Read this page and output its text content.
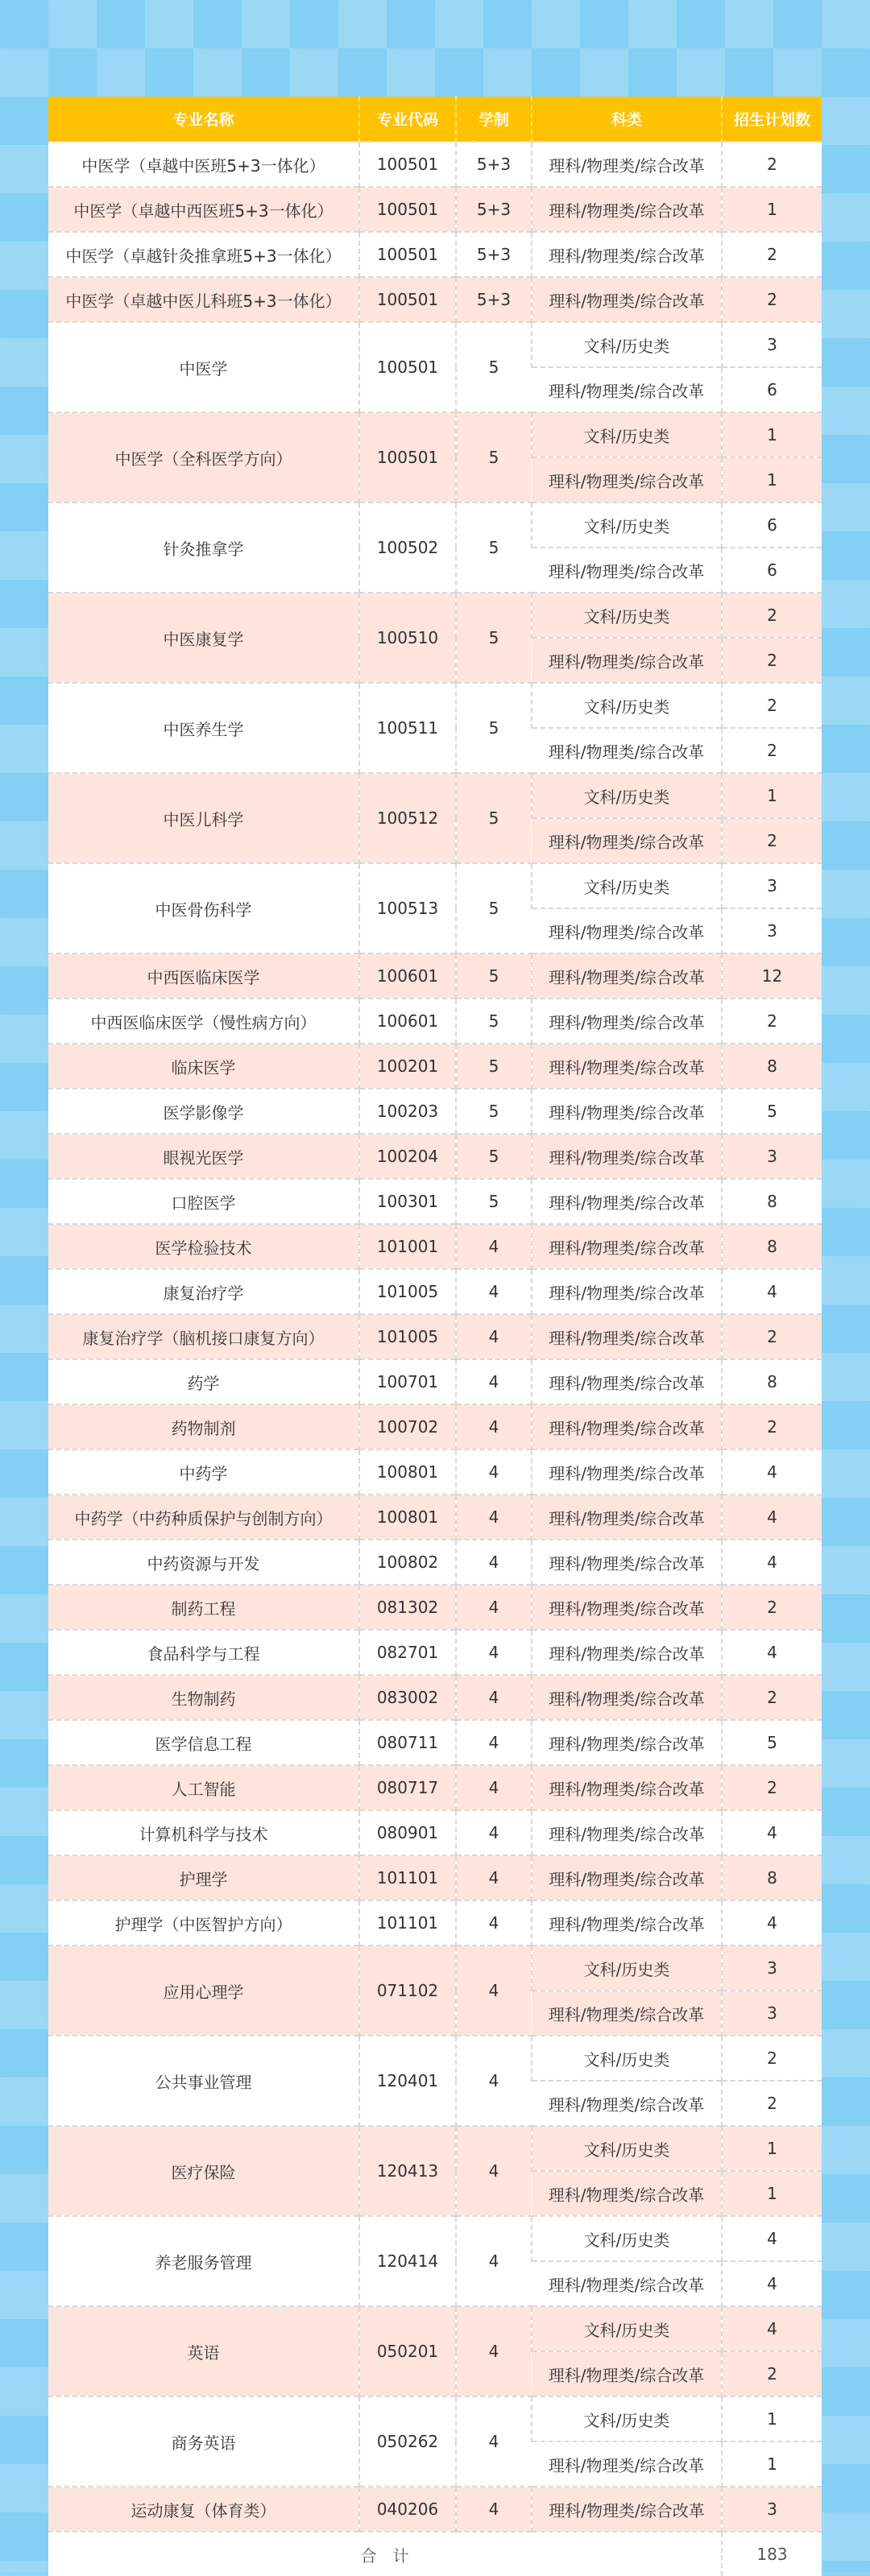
专业名称	专业代码	学制	科类	招生计划数
中医学（卓越中医班5+3一体化）	100501	5+3	理科/物理类/综合改革	2
中医学（卓越中西医班5+3一体化）	100501	5+3	理科/物理类/综合改革	1
中医学（卓越针灸推拿班5+3一体化）	100501	5+3	理科/物理类/综合改革	2
中医学（卓越中医儿科班5+3一体化）	100501	5+3	理科/物理类/综合改革	2
中医学	100501	5	文科/历史类	3
			理科/物理类/综合改革	6
中医学（全科医学方向）	100501	5	文科/历史类	1
			理科/物理类/综合改革	1
针灸推拿学	100502	5	文科/历史类	6
			理科/物理类/综合改革	6
中医康复学	100510	5	文科/历史类	2
			理科/物理类/综合改革	2
中医养生学	100511	5	文科/历史类	2
			理科/物理类/综合改革	2
中医儿科学	100512	5	文科/历史类	1
			理科/物理类/综合改革	2
中医骨伤科学	100513	5	文科/历史类	3
			理科/物理类/综合改革	3
中西医临床医学	100601	5	理科/物理类/综合改革	12
中西医临床医学（慢性病方向）	100601	5	理科/物理类/综合改革	2
临床医学	100201	5	理科/物理类/综合改革	8
医学影像学	100203	5	理科/物理类/综合改革	5
眼视光医学	100204	5	理科/物理类/综合改革	3
口腔医学	100301	5	理科/物理类/综合改革	8
医学检验技术	101001	4	理科/物理类/综合改革	8
康复治疗学	101005	4	理科/物理类/综合改革	4
康复治疗学（脑机接口康复方向）	101005	4	理科/物理类/综合改革	2
药学	100701	4	理科/物理类/综合改革	8
药物制剂	100702	4	理科/物理类/综合改革	2
中药学	100801	4	理科/物理类/综合改革	4
中药学（中药种质保护与创制方向）	100801	4	理科/物理类/综合改革	4
中药资源与开发	100802	4	理科/物理类/综合改革	4
制药工程	081302	4	理科/物理类/综合改革	2
食品科学与工程	082701	4	理科/物理类/综合改革	4
生物制药	083002	4	理科/物理类/综合改革	2
医学信息工程	080711	4	理科/物理类/综合改革	5
人工智能	080717	4	理科/物理类/综合改革	2
计算机科学与技术	080901	4	理科/物理类/综合改革	4
护理学	101101	4	理科/物理类/综合改革	8
护理学（中医智护方向）	101101	4	理科/物理类/综合改革	4
应用心理学	071102	4	文科/历史类	3
			理科/物理类/综合改革	3
公共事业管理	120401	4	文科/历史类	2
			理科/物理类/综合改革	2
医疗保险	120413	4	文科/历史类	1
			理科/物理类/综合改革	1
养老服务管理	120414	4	文科/历史类	4
			理科/物理类/综合改革	4
英语	050201	4	文科/历史类	4
			理科/物理类/综合改革	2
商务英语	050262	4	文科/历史类	1
			理科/物理类/综合改革	1
运动康复（体育类）	040206	4	理科/物理类/综合改革	3
合　计				183
